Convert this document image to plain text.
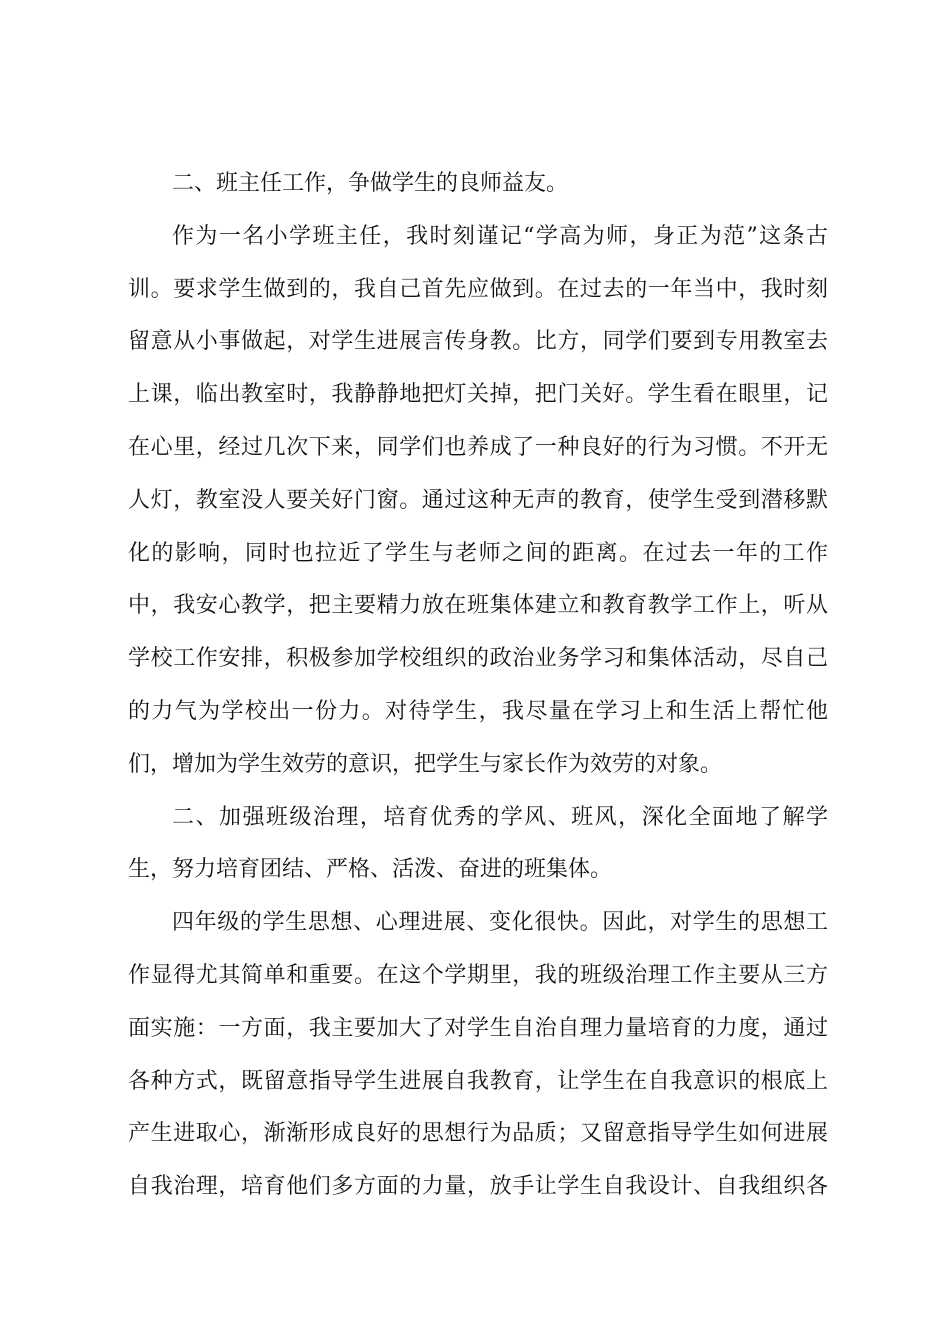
二、班主任工作，争做学生的良师益友。
作为一名小学班主任，我时刻谨记“学高为师，身正为范”这条古
训。要求学生做到的，我自己首先应做到。在过去的一年当中，我时刻
留意从小事做起，对学生进展言传身教。比方，同学们要到专用教室去
上课，临出教室时，我静静地把灯关掉，把门关好。学生看在眼里，记
在心里，经过几次下来，同学们也养成了一种良好的行为习惯。不开无
人灯，教室没人要关好门窗。通过这种无声的教育，使学生受到潜移默
化的影响，同时也拉近了学生与老师之间的距离。在过去一年的工作
中，我安心教学，把主要精力放在班集体建立和教育教学工作上，听从
学校工作安排，积极参加学校组织的政治业务学习和集体活动，尽自己
的力气为学校出一份力。对待学生，我尽量在学习上和生活上帮忙他
们，增加为学生效劳的意识，把学生与家长作为效劳的对象。
二、加强班级治理，培育优秀的学风、班风，深化全面地了解学
生，努力培育团结、严格、活泼、奋进的班集体。
四年级的学生思想、心理进展、变化很快。因此，对学生的思想工
作显得尤其简单和重要。在这个学期里，我的班级治理工作主要从三方
面实施：一方面，我主要加大了对学生自治自理力量培育的力度，通过
各种方式，既留意指导学生进展自我教育，让学生在自我意识的根底上
产生进取心，渐渐形成良好的思想行为品质；又留意指导学生如何进展
自我治理，培育他们多方面的力量，放手让学生自我设计、自我组织各
